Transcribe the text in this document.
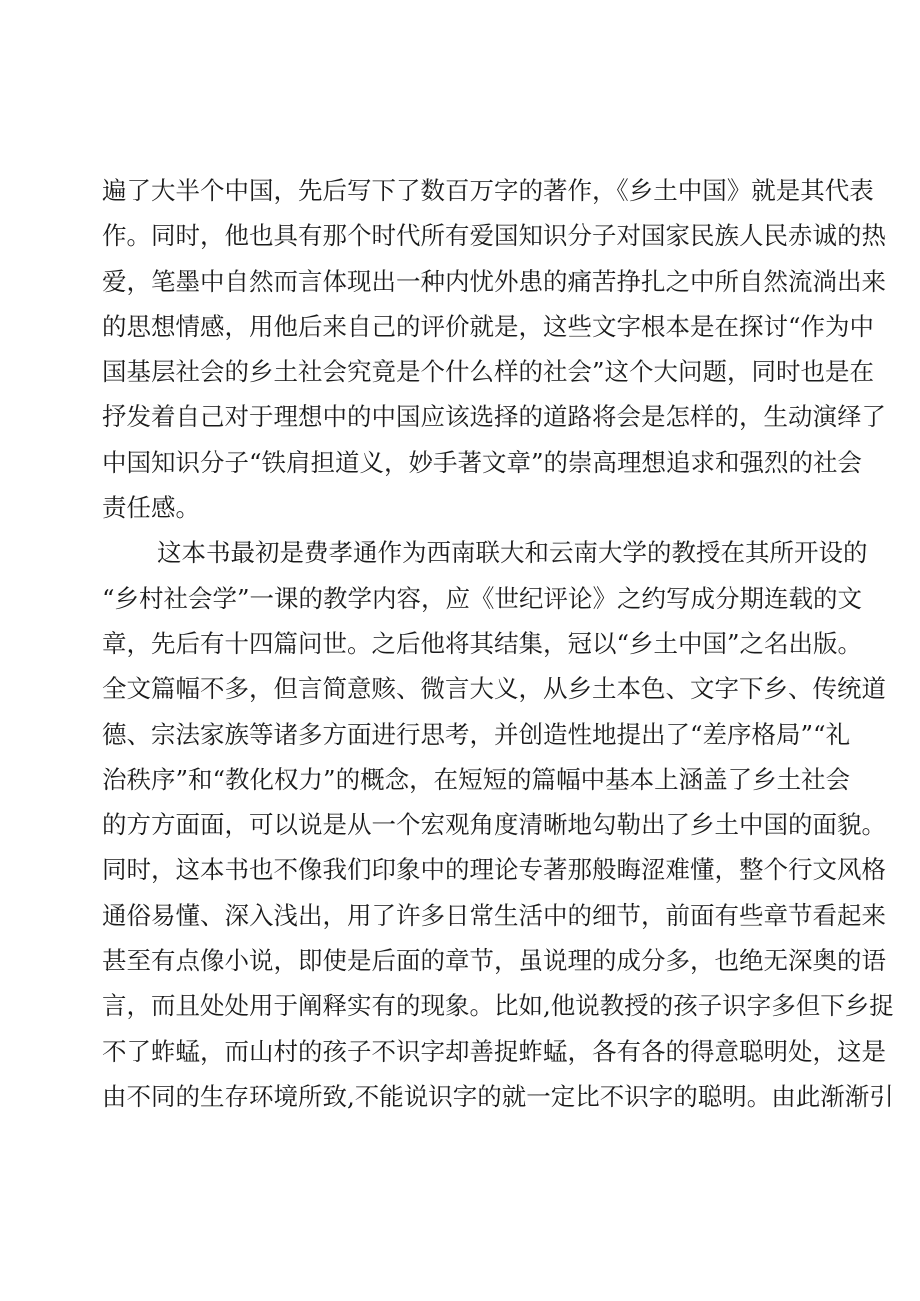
遍了大半个中国，先后写下了数百万字的著作，《乡土中国》就是其代表
作。同时，他也具有那个时代所有爱国知识分子对国家民族人民赤诚的热
爱，笔墨中自然而言体现出一种内忧外患的痛苦挣扎之中所自然流淌出来
的思想情感，用他后来自己的评价就是，这些文字根本是在探讨“作为中
国基层社会的乡土社会究竟是个什么样的社会”这个大问题，同时也是在
抒发着自己对于理想中的中国应该选择的道路将会是怎样的，生动演绎了
中国知识分子“铁肩担道义，妙手著文章”的崇高理想追求和强烈的社会
责任感。
这本书最初是费孝通作为西南联大和云南大学的教授在其所开设的
“乡村社会学”一课的教学内容，应《世纪评论》之约写成分期连载的文
章，先后有十四篇问世。之后他将其结集，冠以“乡土中国”之名出版。
全文篇幅不多，但言简意赅、微言大义，从乡土本色、文字下乡、传统道
德、宗法家族等诸多方面进行思考，并创造性地提出了“差序格局”“礼
治秩序”和“教化权力”的概念，在短短的篇幅中基本上涵盖了乡土社会
的方方面面，可以说是从一个宏观角度清晰地勾勒出了乡土中国的面貌。
同时，这本书也不像我们印象中的理论专著那般晦涩难懂，整个行文风格
通俗易懂、深入浅出，用了许多日常生活中的细节，前面有些章节看起来
甚至有点像小说，即使是后面的章节，虽说理的成分多，也绝无深奥的语
言，而且处处用于阐释实有的现象。比如,他说教授的孩子识字多但下乡捉
不了蚱蜢，而山村的孩子不识字却善捉蚱蜢，各有各的得意聪明处，这是
由不同的生存环境所致,不能说识字的就一定比不识字的聪明。由此渐渐引
